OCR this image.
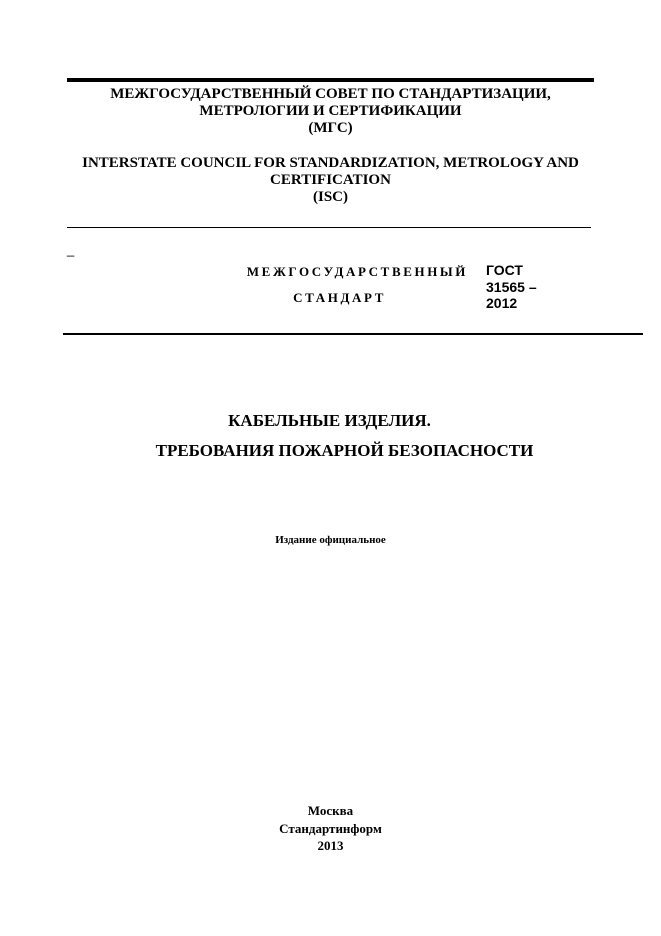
МЕЖГОСУДАРСТВЕННЫЙ СОВЕТ ПО СТАНДАРТИЗАЦИИ,
МЕТРОЛОГИИ И СЕРТИФИКАЦИИ
(МГС)
INTERSTATE COUNCIL FOR STANDARDIZATION, METROLOGY AND
CERTIFICATION
(ISC)
_
МЕЖГОСУДАРСТВЕННЫЙ
СТАНДАРТ
ГОСТ
31565 –
2012
КАБЕЛЬНЫЕ ИЗДЕЛИЯ.
ТРЕБОВАНИЯ ПОЖАРНОЙ БЕЗОПАСНОСТИ
Издание официальное
Москва
Стандартинформ
2013
